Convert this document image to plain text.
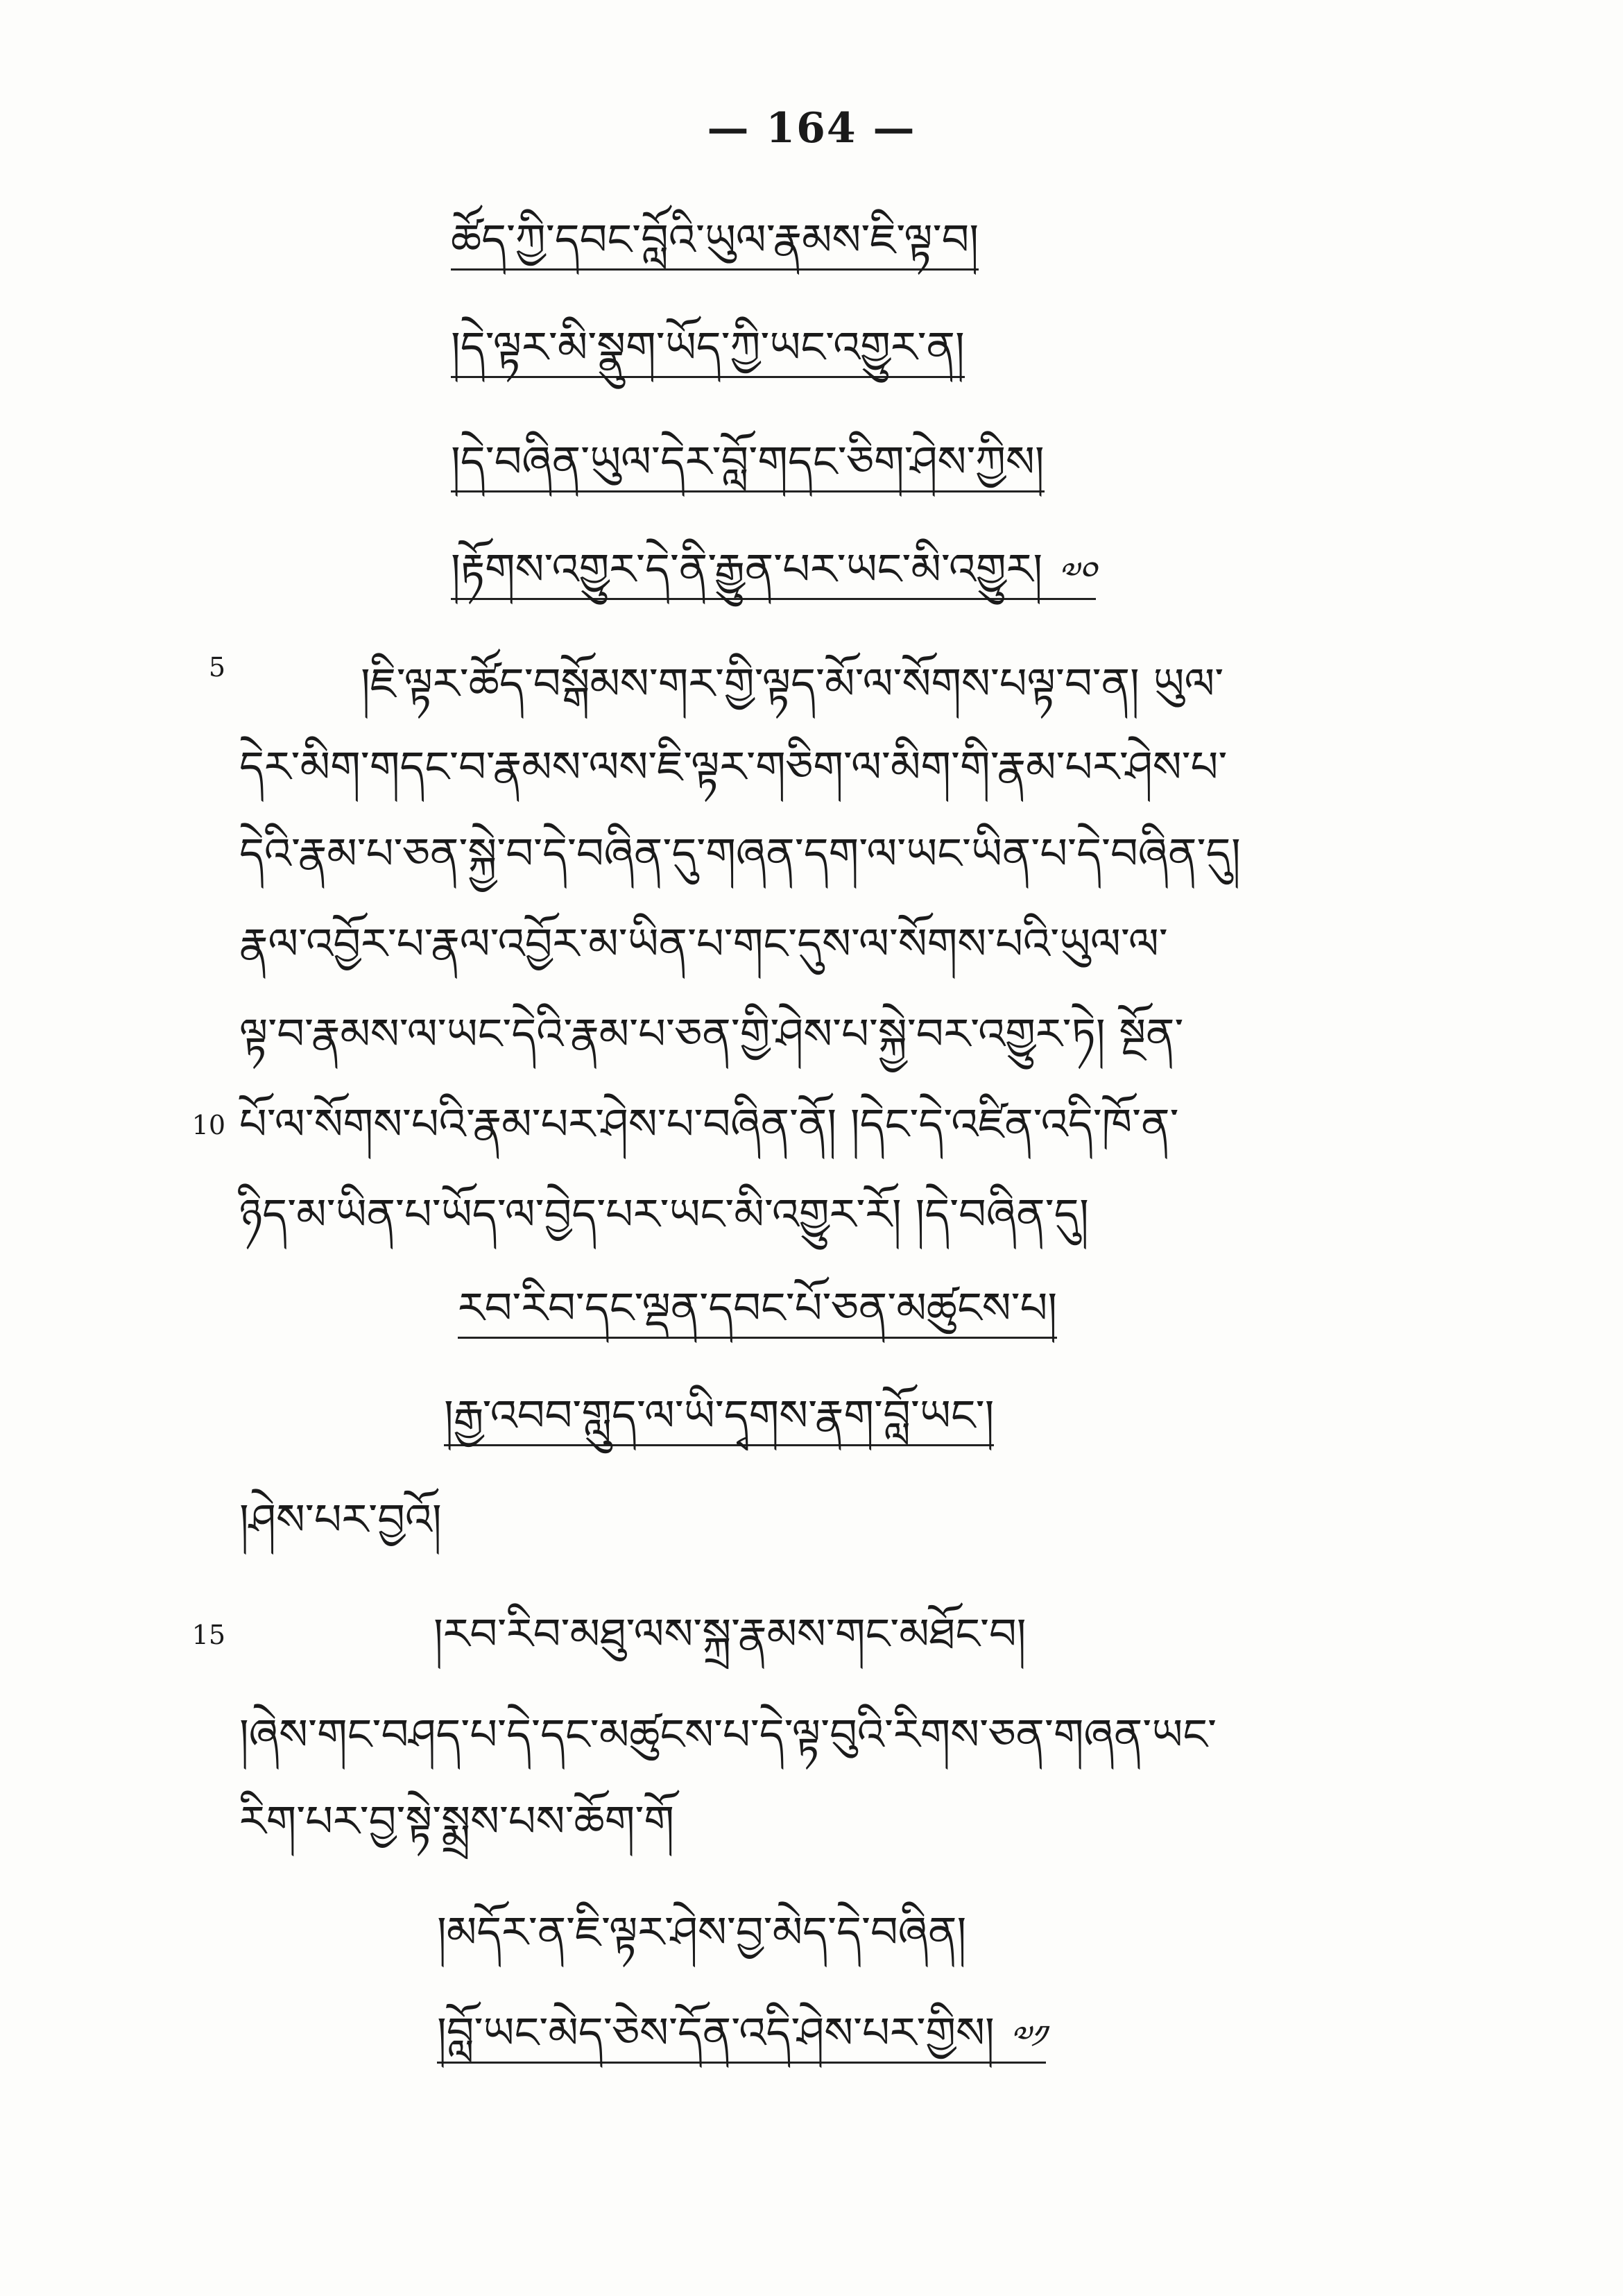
— 164 —
ཚོད་ཀྱི་དབང་བློའི་ཡུལ་རྣམས་ཇི་ལྟ་བ།
།དེ་ལྟར་མི་སྣུག་ཡོད་ཀྱི་ཡང་འགྱུར་ན།
།དེ་བཞིན་ཡུལ་དེར་བློ་གདང་ཅིག་ཤེས་ཀྱིས།
།རྟོགས་འགྱུར་དེ་ནི་རྒྱུན་པར་ཡང་མི་འགྱུར། ༧༠
5	།ཇི་ལྟར་ཚོད་བསྒོམས་གར་གྱི་ལྟད་མོ་ལ་སོགས་པལྟ་བ་ན། ཡུལ་
དེར་མིག་གདང་བ་རྣམས་ལས་ཇི་ལྟར་གཅིག་ལ་མིག་གི་རྣམ་པར་ཤེས་པ་
དེའི་རྣམ་པ་ཅན་སྐྱེ་བ་དེ་བཞིན་དུ་གཞན་དག་ལ་ཡང་ཡིན་པ་དེ་བཞིན་དུ།
རྣལ་འབྱོར་པ་རྣལ་འབྱོར་མ་ཡིན་པ་གང་དུས་ལ་སོགས་པའི་ཡུལ་ལ་
ལྟ་བ་རྣམས་ལ་ཡང་དེའི་རྣམ་པ་ཅན་གྱི་ཤེས་པ་སྐྱེ་བར་འགྱུར་ཏེ། སྔོན་
10 པོ་ལ་སོགས་པའི་རྣམ་པར་ཤེས་པ་བཞིན་ནོ། །དེང་དེ་འཛིན་འདི་ཁོ་ན་
ཉིད་མ་ཡིན་པ་ཡོད་ལ་བྱེད་པར་ཡང་མི་འགྱུར་རོ། །དེ་བཞིན་དུ།
རབ་རིབ་དང་ལྡན་དབང་པོ་ཅན་མཚུངས་པ།
།རྒྱ་འབབ་གླུད་ལ་ཡི་དྭགས་རྣག་བློ་ཡང་།
།ཤེས་པར་བྱའོ།
15	།རབ་རིབ་མཐུ་ལས་སྐྲ་རྣམས་གང་མཐོང་བ།
།ཞེས་གང་བཤད་པ་དེ་དང་མཚུངས་པ་དེ་ལྟ་བུའི་རིགས་ཅན་གཞན་ཡང་
རིག་པར་བྱ་སྟེ་སྨྲས་པས་ཆོག་གོ
།མདོར་ན་ཇི་ལྟར་ཤེས་བྱ་མེད་དེ་བཞིན།
།བློ་ཡང་མེད་ཅེས་དོན་འདི་ཤེས་པར་གྱིས། ༧༡
